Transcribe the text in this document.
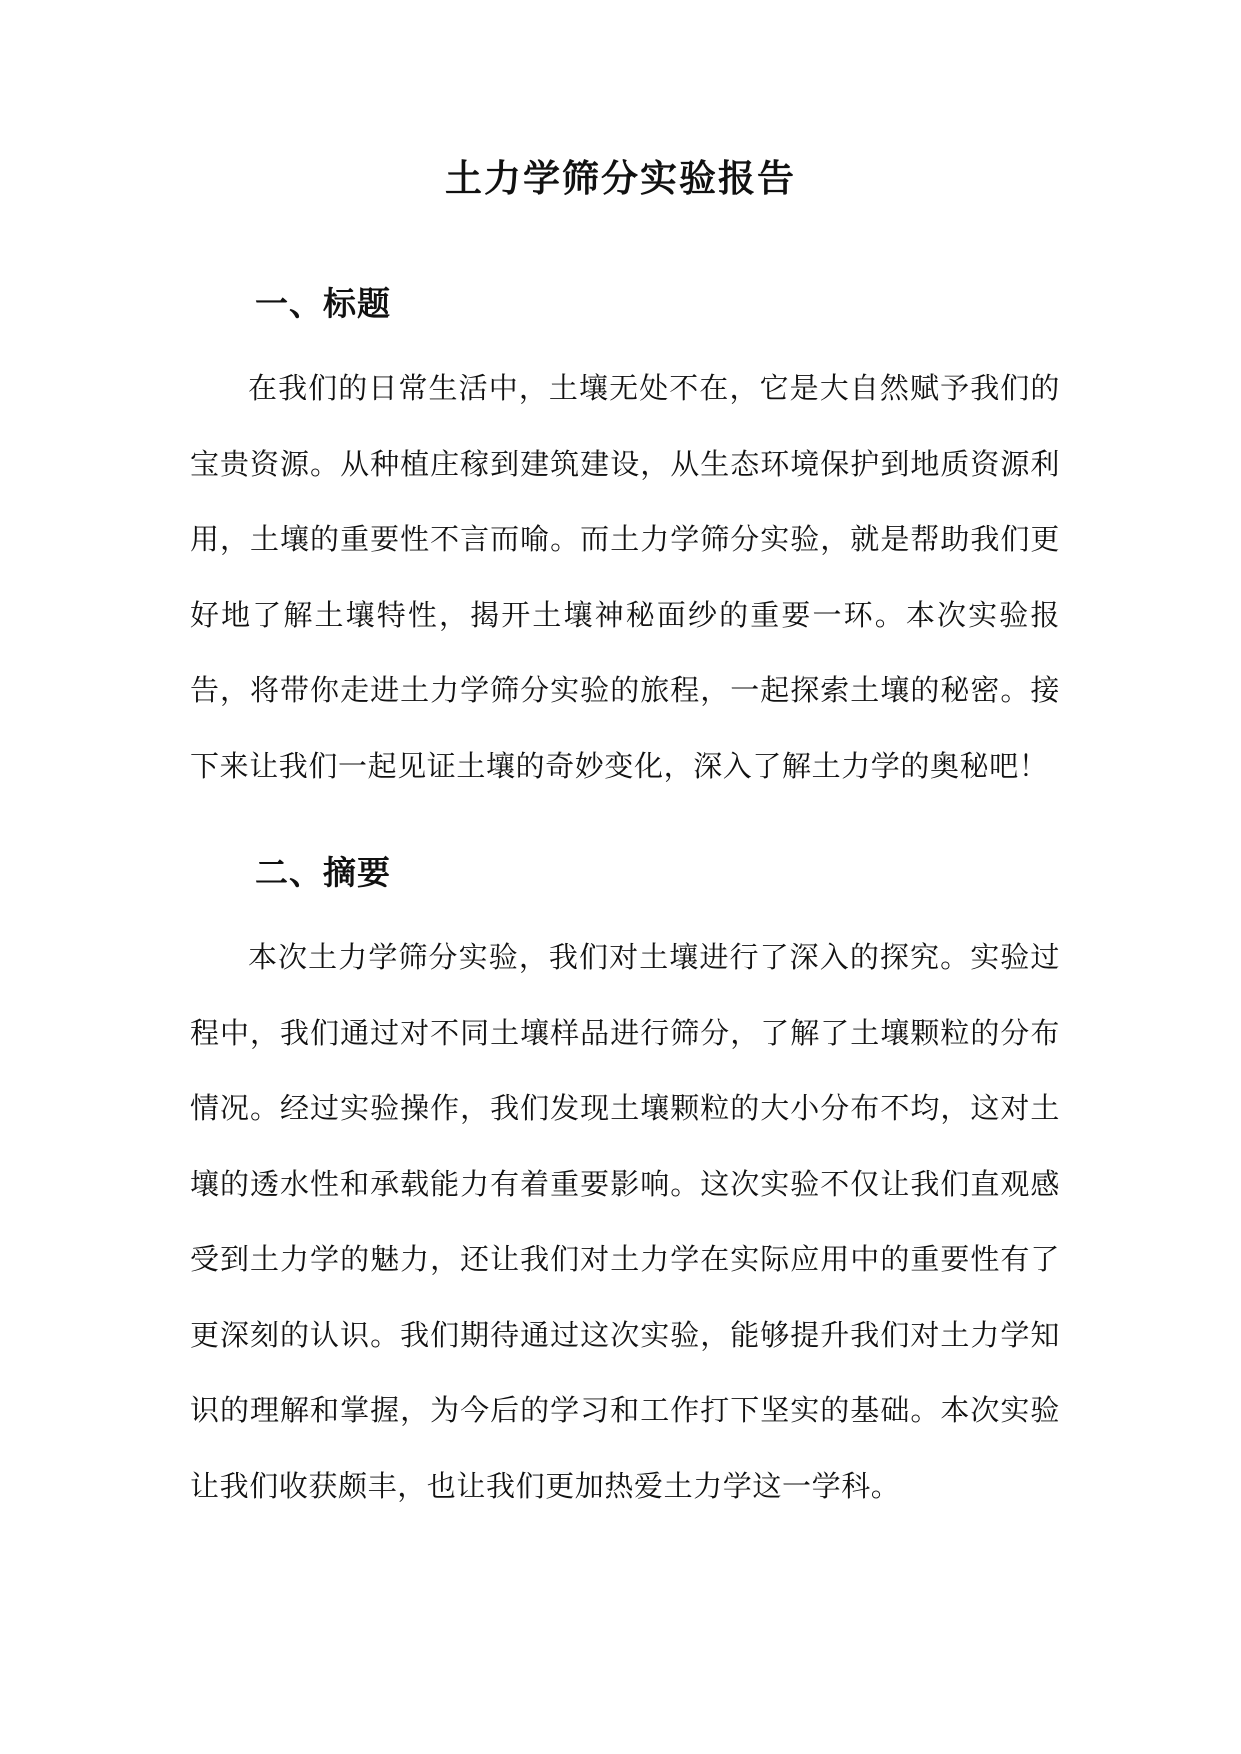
土力学筛分实验报告
一、标题

在我们的日常生活中，土壤无处不在，它是大自然赋予我们的宝贵资源。从种植庄稼到建筑建设，从生态环境保护到地质资源利用，土壤的重要性不言而喻。而土力学筛分实验，就是帮助我们更好地了解土壤特性，揭开土壤神秘面纱的重要一环。本次实验报告，将带你走进土力学筛分实验的旅程，一起探索土壤的秘密。接下来让我们一起见证土壤的奇妙变化，深入了解土力学的奥秘吧！

二、摘要

本次土力学筛分实验，我们对土壤进行了深入的探究。实验过程中，我们通过对不同土壤样品进行筛分，了解了土壤颗粒的分布情况。经过实验操作，我们发现土壤颗粒的大小分布不均，这对土壤的透水性和承载能力有着重要影响。这次实验不仅让我们直观感受到土力学的魅力，还让我们对土力学在实际应用中的重要性有了更深刻的认识。我们期待通过这次实验，能够提升我们对土力学知识的理解和掌握，为今后的学习和工作打下坚实的基础。本次实验让我们收获颇丰，也让我们更加热爱土力学这一学科。
